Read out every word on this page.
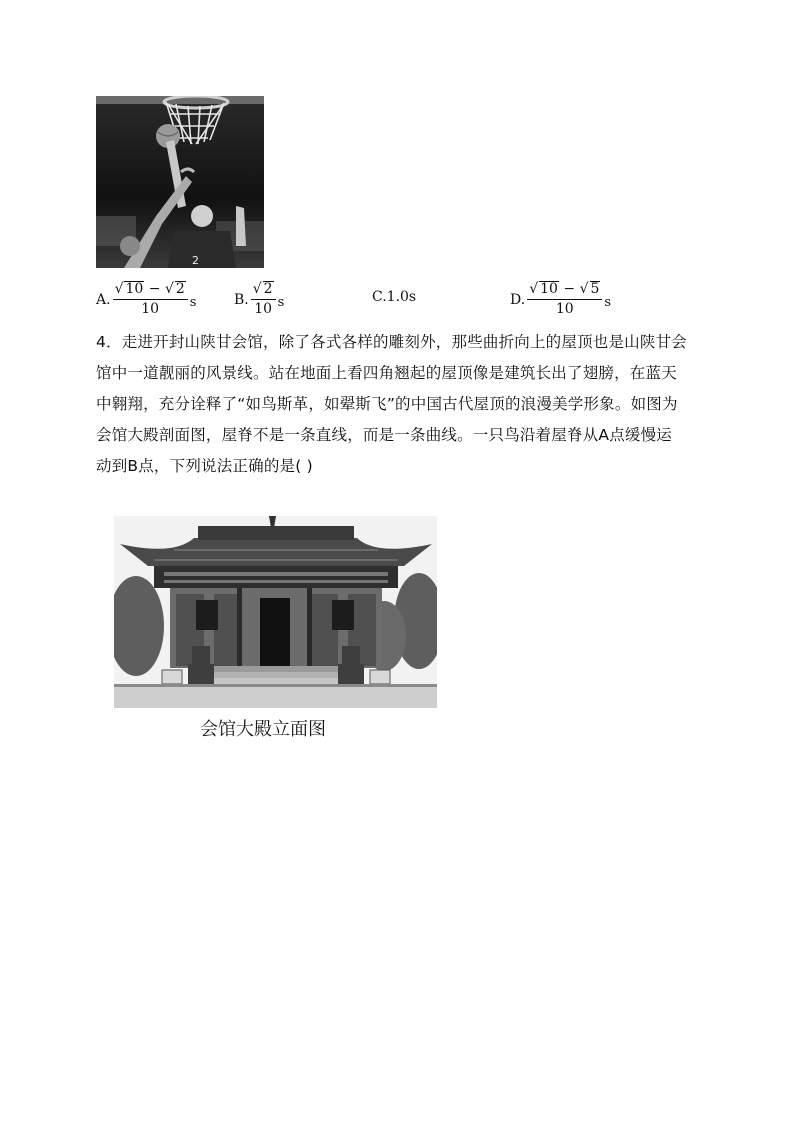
2
A. $\frac{√ 10 - √ 2}{10}$ s	B. $\frac{√ 2}{10}$ s	C.1.0s	D. $\frac{√ 10 - √ 5}{10}$ s
4．走进开封山陕甘会馆，除了各式各样的雕刻外，那些曲折向上的屋顶也是山陕甘会
馆中一道靓丽的风景线。站在地面上看四角翘起的屋顶像是建筑长出了翅膀，在蓝天
中翱翔，充分诠释了“如鸟斯革，如翚斯飞”的中国古代屋顶的浪漫美学形象。如图为
会馆大殿剖面图，屋脊不是一条直线，而是一条曲线。一只鸟沿着屋脊从A点缓慢运
动到B点，下列说法正确的是( )
会馆大殿立面图
